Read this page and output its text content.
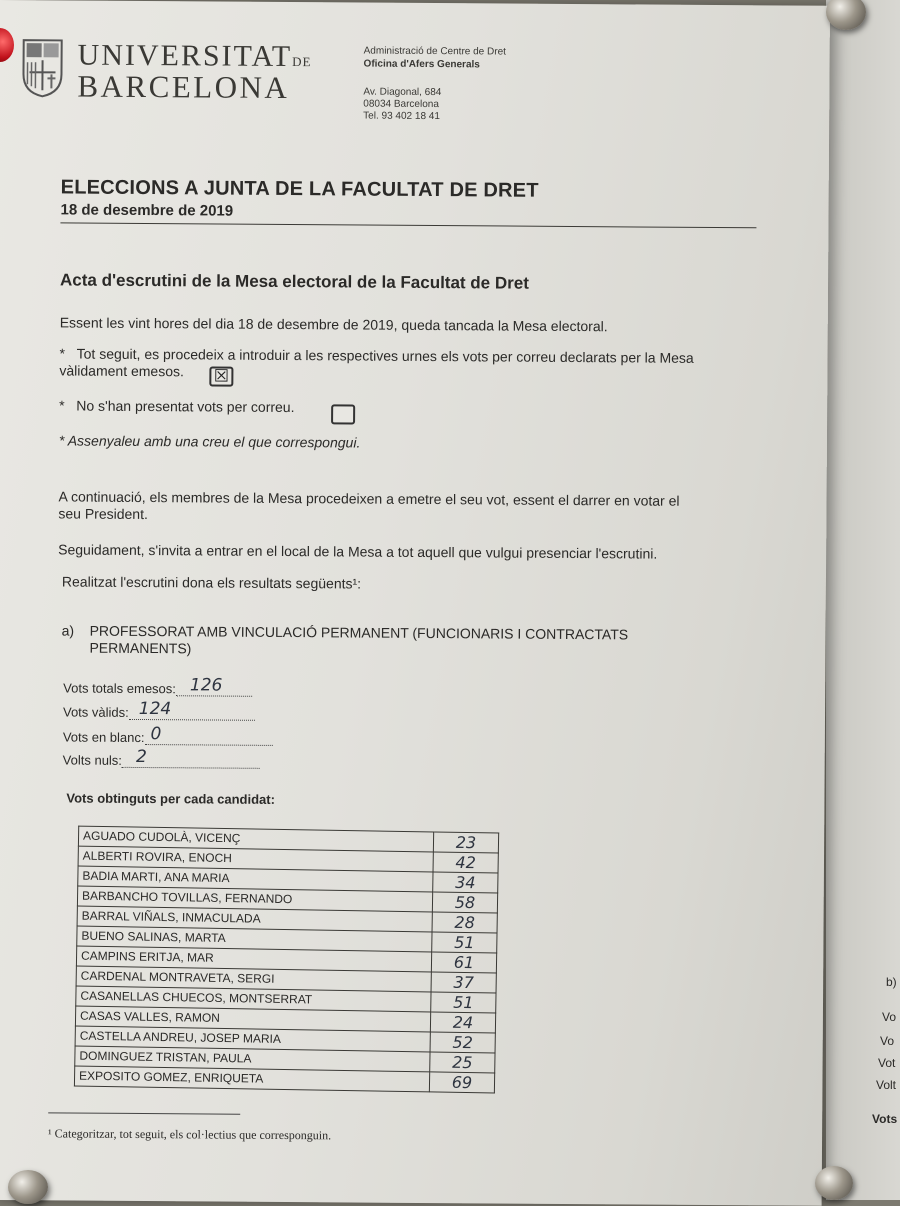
b)
Vo
Vo
Vot
Volt
Vots
UNIVERSITATDE
BARCELONA
Administració de Centre de Dret
Oficina d'Afers Generals
Av. Diagonal, 684
08034 Barcelona
Tel. 93 402 18 41
ELECCIONS A JUNTA DE LA FACULTAT DE DRET
18 de desembre de 2019
Acta d'escrutini de la Mesa electoral de la Facultat de Dret
Essent les vint hores del dia 18 de desembre de 2019, queda tancada la Mesa electoral.
* Tot seguit, es procedeix a introduir a les respectives urnes els vots per correu declarats per la Mesa
vàlidament emesos.	☒
* No s'han presentat vots per correu.
* Assenyaleu amb una creu el que correspongui.
A continuació, els membres de la Mesa procedeixen a emetre el seu vot, essent el darrer en votar el
seu President.
Seguidament, s'invita a entrar en el local de la Mesa a tot aquell que vulgui presenciar l'escrutini.
Realitzat l'escrutini dona els resultats següents¹:
a) PROFESSORAT AMB VINCULACIÓ PERMANENT (FUNCIONARIS I CONTRACTATS
PERMANENTS)
Vots totals emesos: 126
Vots vàlids: 124
Vots en blanc: 0
Volts nuls: 2
Vots obtinguts per cada candidat:
AGUADO CUDOLÀ, VICENÇ	23
ALBERTI ROVIRA, ENOCH	42
BADIA MARTI, ANA MARIA	34
BARBANCHO TOVILLAS, FERNANDO	58
BARRAL VIÑALS, INMACULADA	28
BUENO SALINAS, MARTA	51
CAMPINS ERITJA, MAR	61
CARDENAL MONTRAVETA, SERGI	37
CASANELLAS CHUECOS, MONTSERRAT	51
CASAS VALLES, RAMON	24
CASTELLA ANDREU, JOSEP MARIA	52
DOMINGUEZ TRISTAN, PAULA	25
EXPOSITO GOMEZ, ENRIQUETA	69
¹ Categoritzar, tot seguit, els col·lectius que corresponguin.
